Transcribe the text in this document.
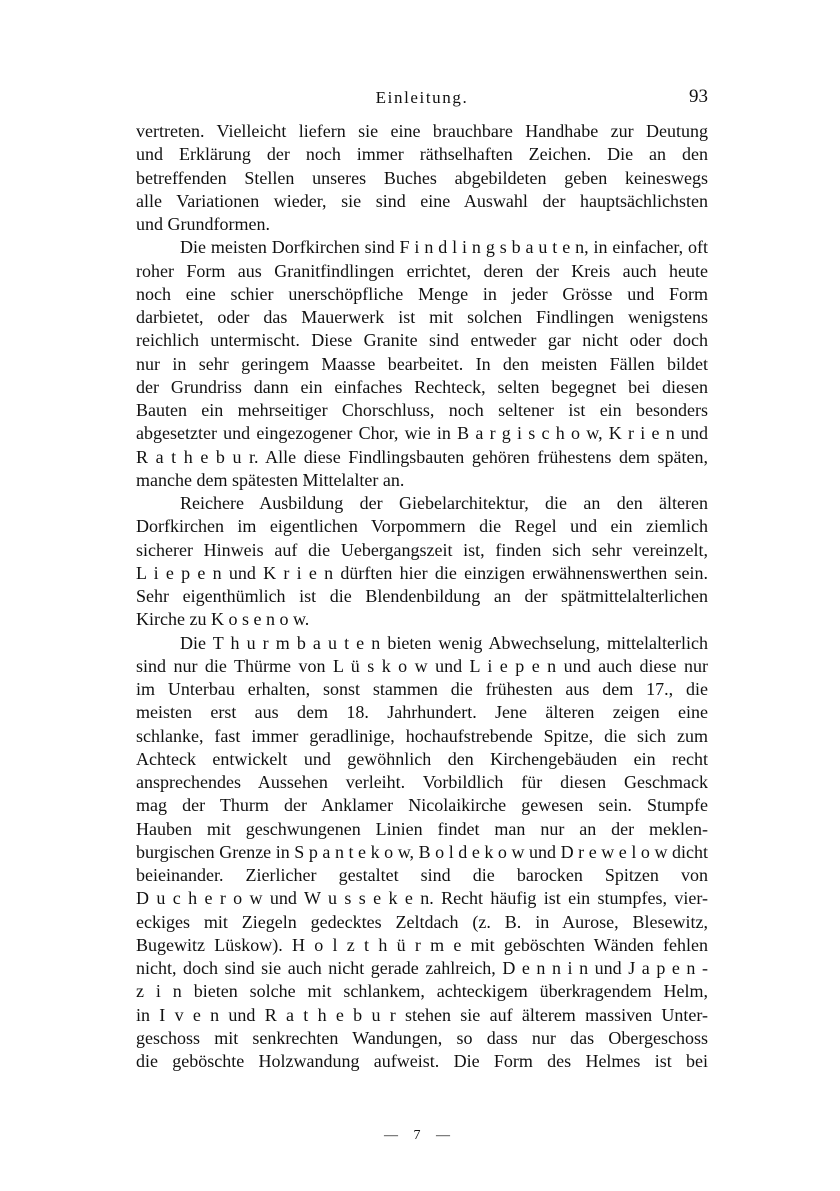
Einleitung.	93
vertreten. Vielleicht liefern sie eine brauchbare Handhabe zur Deutung
und Erklärung der noch immer räthselhaften Zeichen. Die an den
betreffenden Stellen unseres Buches abgebildeten geben keineswegs
alle Variationen wieder, sie sind eine Auswahl der hauptsächlichsten
und Grundformen.
Die meisten Dorfkirchen sind F i n d l i n g s b a u t e n, in einfacher, oft
roher Form aus Granitfindlingen errichtet, deren der Kreis auch heute
noch eine schier unerschöpfliche Menge in jeder Grösse und Form
darbietet, oder das Mauerwerk ist mit solchen Findlingen wenigstens
reichlich untermischt. Diese Granite sind entweder gar nicht oder doch
nur in sehr geringem Maasse bearbeitet. In den meisten Fällen bildet
der Grundriss dann ein einfaches Rechteck, selten begegnet bei diesen
Bauten ein mehrseitiger Chorschluss, noch seltener ist ein besonders
abgesetzter und eingezogener Chor, wie in B a r g i s c h o w, K r i e n und
R a t h e b u r. Alle diese Findlingsbauten gehören frühestens dem späten,
manche dem spätesten Mittelalter an.
Reichere Ausbildung der Giebelarchitektur, die an den älteren
Dorfkirchen im eigentlichen Vorpommern die Regel und ein ziemlich
sicherer Hinweis auf die Uebergangszeit ist, finden sich sehr vereinzelt,
L i e p e n und K r i e n dürften hier die einzigen erwähnenswerthen sein.
Sehr eigenthümlich ist die Blendenbildung an der spätmittelalterlichen
Kirche zu K o s e n o w.
Die T h u r m b a u t e n bieten wenig Abwechselung, mittelalterlich
sind nur die Thürme von L ü s k o w und L i e p e n und auch diese nur
im Unterbau erhalten, sonst stammen die frühesten aus dem 17., die
meisten erst aus dem 18. Jahrhundert. Jene älteren zeigen eine
schlanke, fast immer geradlinige, hochaufstrebende Spitze, die sich zum
Achteck entwickelt und gewöhnlich den Kirchengebäuden ein recht
ansprechendes Aussehen verleiht. Vorbildlich für diesen Geschmack
mag der Thurm der Anklamer Nicolaikirche gewesen sein. Stumpfe
Hauben mit geschwungenen Linien findet man nur an der meklen-
burgischen Grenze in S p a n t e k o w, B o l d e k o w und D r e w e l o w dicht
beieinander. Zierlicher gestaltet sind die barocken Spitzen von
D u c h e r o w und W u s s e k e n. Recht häufig ist ein stumpfes, vier-
eckiges mit Ziegeln gedecktes Zeltdach (z. B. in Aurose, Blesewitz,
Bugewitz Lüskow). H o l z t h ü r m e mit geböschten Wänden fehlen
nicht, doch sind sie auch nicht gerade zahlreich, D e n n i n und J a p e n -
z i n bieten solche mit schlankem, achteckigem überkragendem Helm,
in I v e n und R a t h e b u r stehen sie auf älterem massiven Unter-
geschoss mit senkrechten Wandungen, so dass nur das Obergeschoss
die geböschte Holzwandung aufweist. Die Form des Helmes ist bei
— 7 —
